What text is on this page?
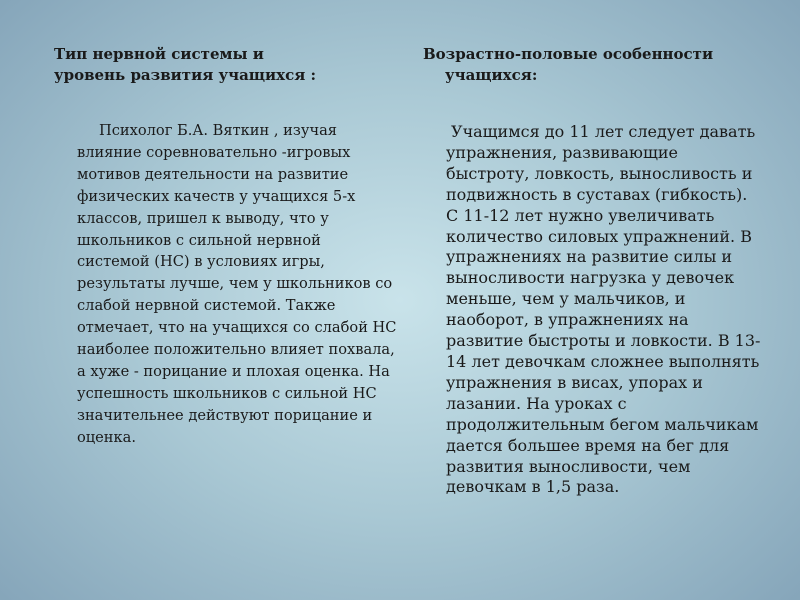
Тип нервной системы и
уровень развития учащихся :

Психолог Б.А. Вяткин , изучая влияние соревновательно -игровых мотивов деятельности на развитие физических качеств у учащихся 5-х классов, пришел к выводу, что у школьников с сильной нервной системой (НС) в условиях игры, результаты лучше, чем у школьников со слабой нервной системой. Также отмечает, что на учащихся со слабой НС наиболее положительно влияет похвала, а хуже - порицание и плохая оценка. На успешность школьников с сильной НС значительнее действуют порицание и оценка.

Возрастно-половые особенности
учащихся:

Учащимся до 11 лет следует давать упражнения, развивающие быстроту, ловкость, выносливость и подвижность в суставах (гибкость). С 11-12 лет нужно увеличивать количество силовых упражнений. В упражнениях на развитие силы и выносливости нагрузка у девочек меньше, чем у мальчиков, и наоборот, в упражнениях на развитие быстроты и ловкости. В 13-14 лет девочкам сложнее выполнять упражнения в висах, упорах и лазании. На уроках с продолжительным бегом мальчикам дается большее время на бег для развития выносливости, чем девочкам в 1,5 раза.
